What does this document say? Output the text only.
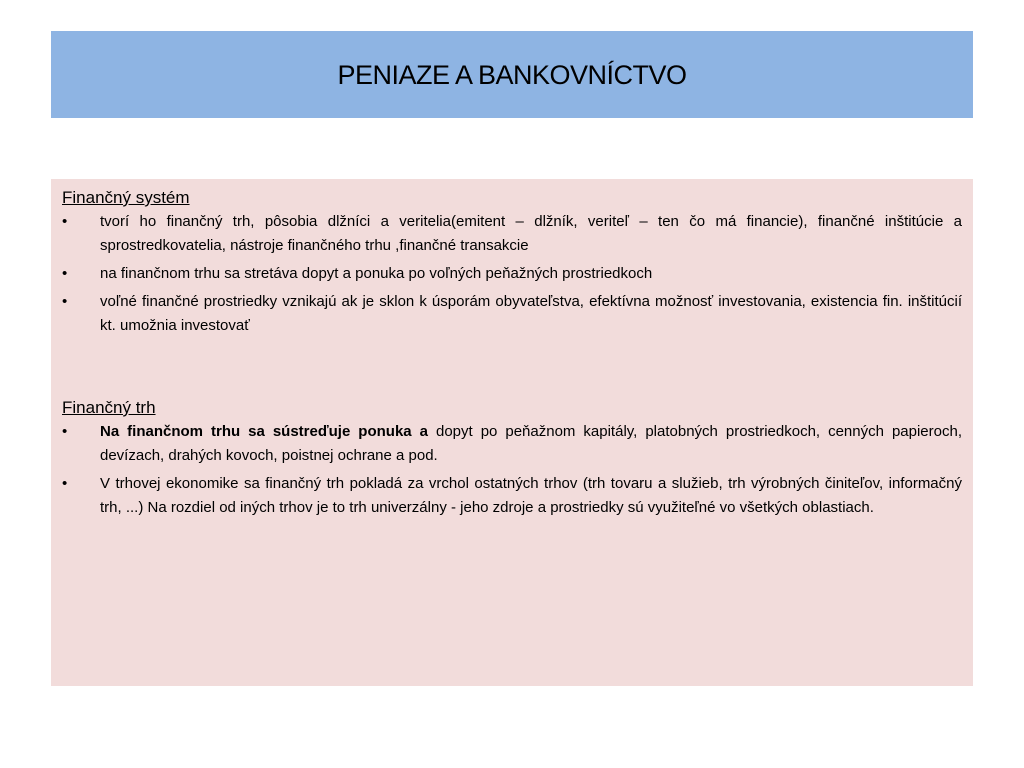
PENIAZE A BANKOVNÍCTVO

Finančný systém

•	tvorí ho finančný trh, pôsobia dlžníci a veritelia(emitent – dlžník, veriteľ – ten čo má financie), finančné inštitúcie a sprostredkovatelia, nástroje finančného trhu ,finančné transakcie
•	na finančnom trhu sa stretáva dopyt a ponuka po voľných peňažných prostriedkoch
•	voľné finančné prostriedky vznikajú ak je sklon k úsporám obyvateľstva, efektívna možnosť investovania, existencia fin. inštitúcií kt. umožnia investovať

Finančný trh

•	Na finančnom trhu sa sústreďuje ponuka a dopyt po peňažnom kapitály, platobných prostriedkoch, cenných papieroch, devízach, drahých kovoch, poistnej ochrane a pod.
•	V trhovej ekonomike sa finančný trh pokladá za vrchol ostatných trhov (trh tovaru a služieb, trh výrobných činiteľov, informačný trh, ...) Na rozdiel od iných trhov je to trh univerzálny - jeho zdroje a prostriedky sú využiteľné vo všetkých oblastiach.
